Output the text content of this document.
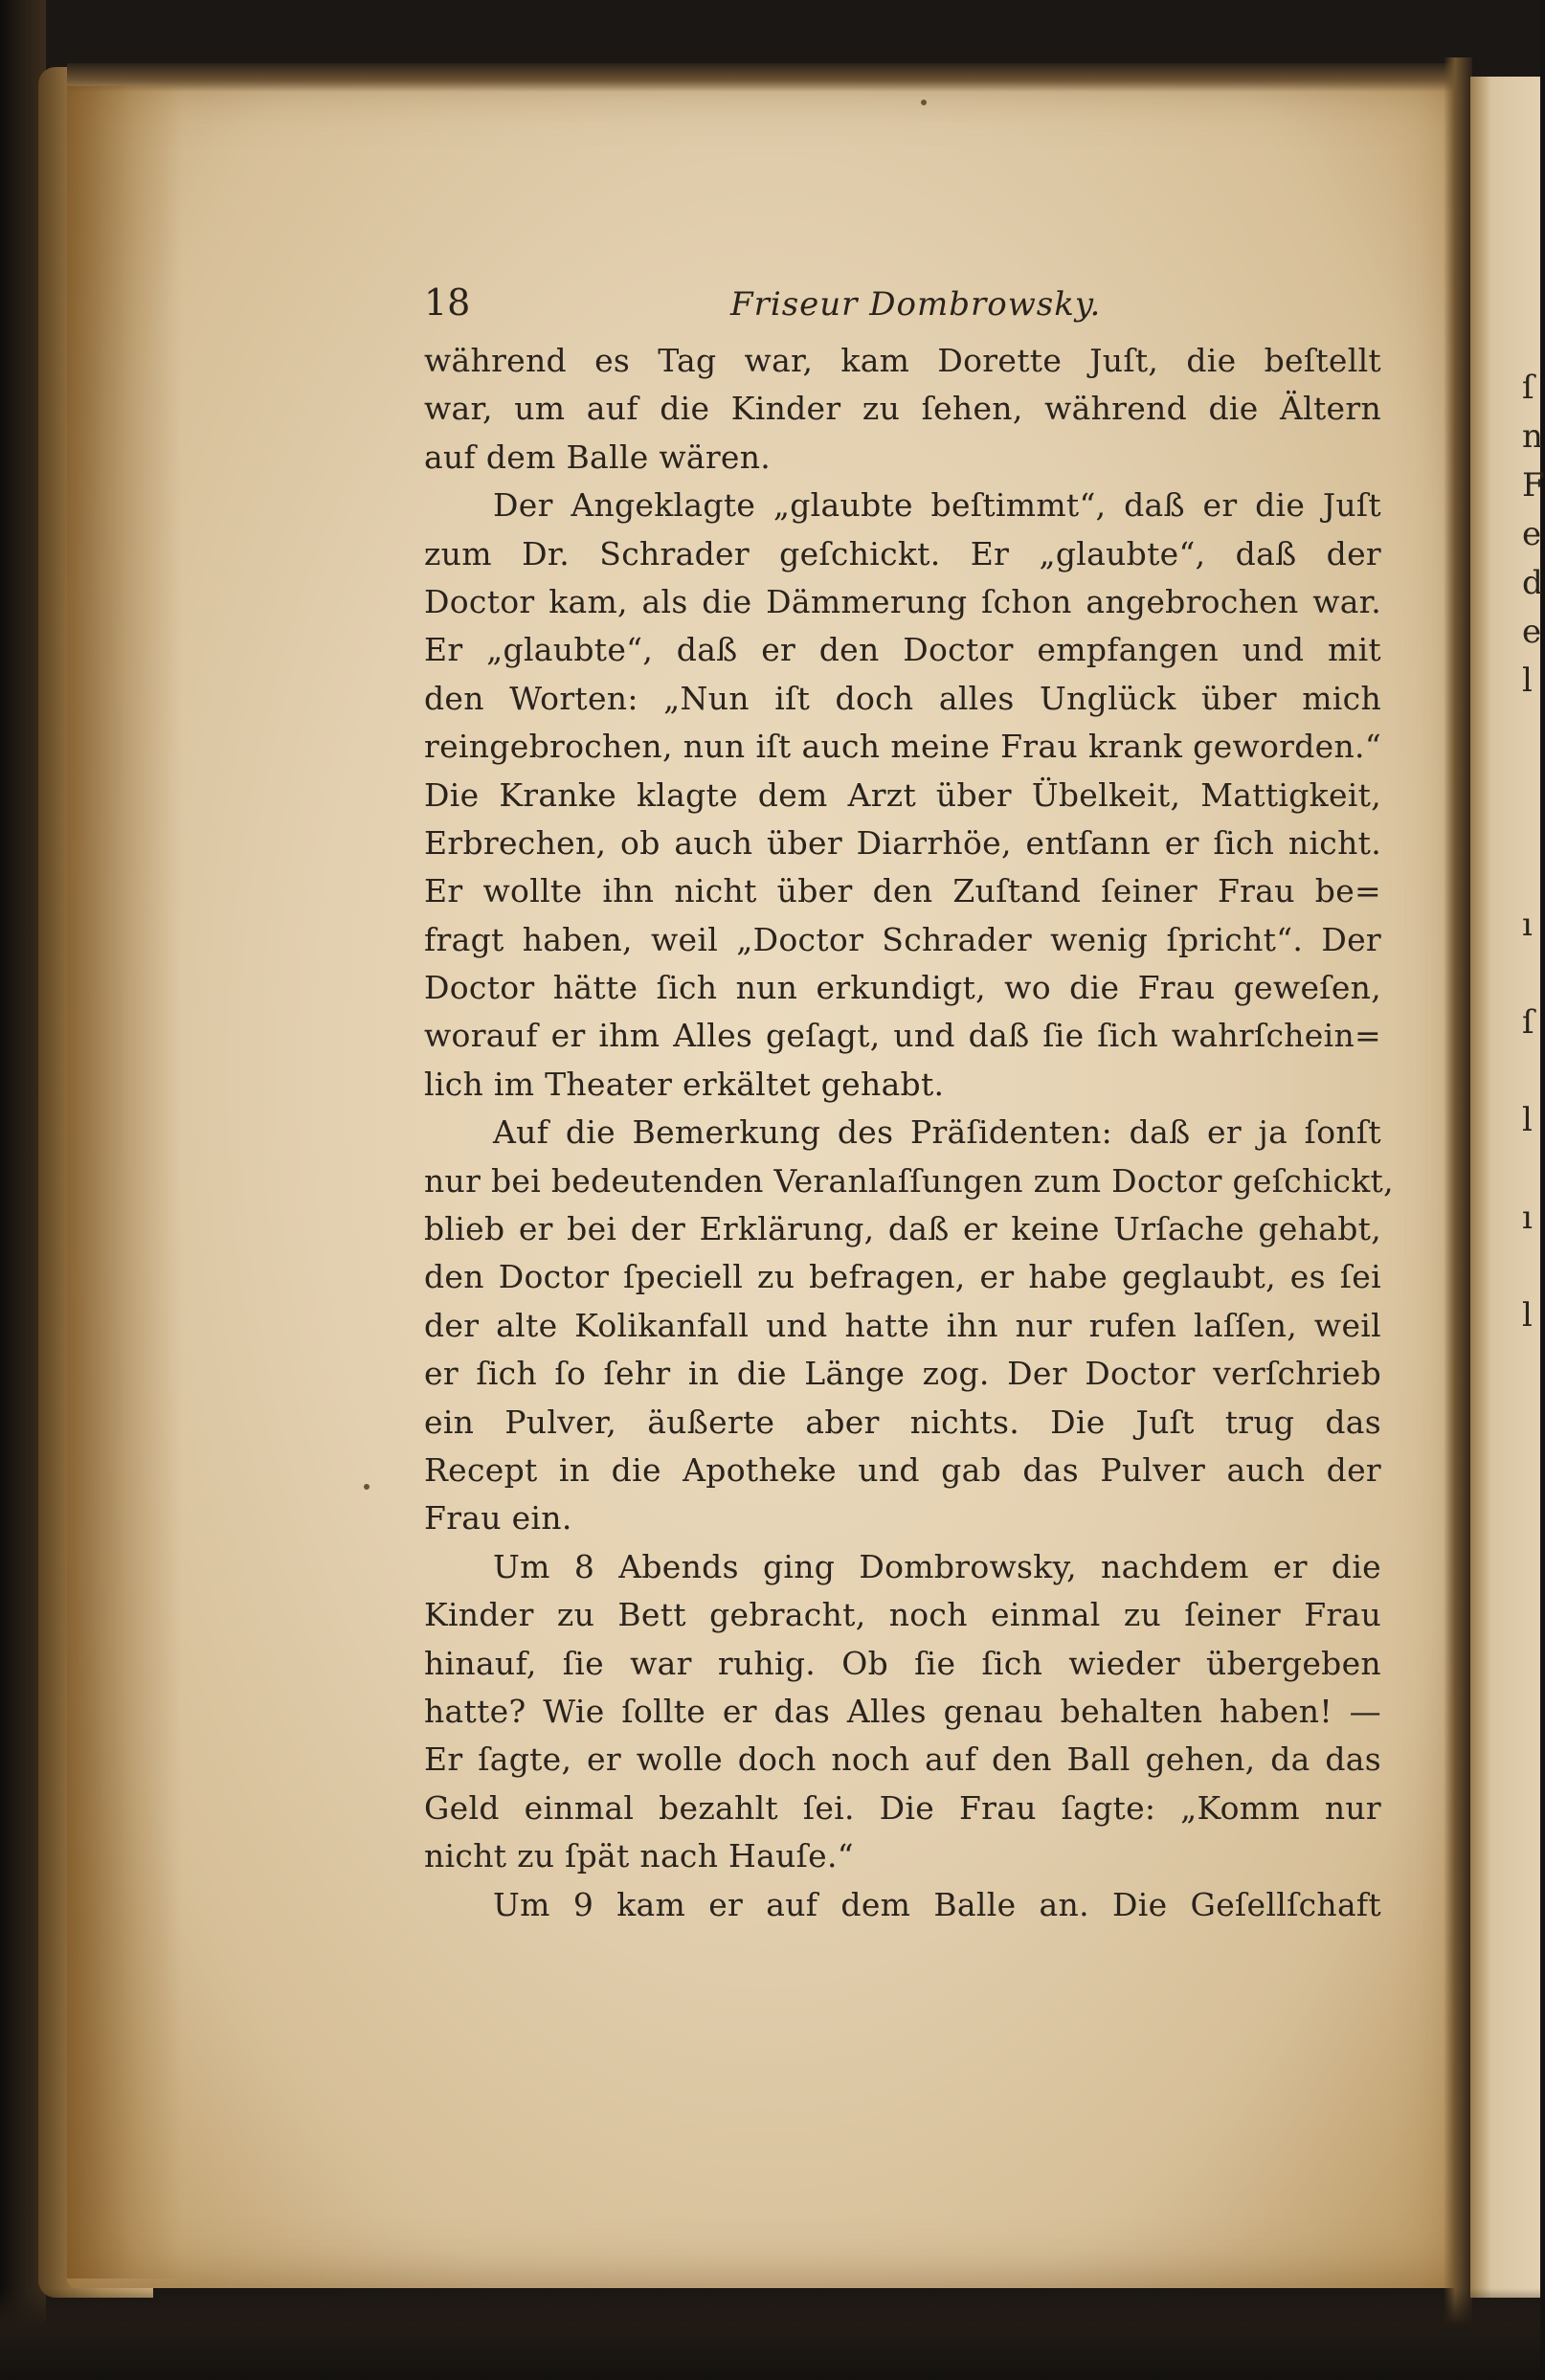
ſ
n
F
e
d
e
l
ı
ſ
l
ı
l
18	Friseur Dombrowsky.
während es Tag war, kam Dorette Juſt, die beſtellt
war, um auf die Kinder zu ſehen, während die Ältern
auf dem Balle wären.
Der Angeklagte „glaubte beſtimmt“, daß er die Juſt
zum Dr. Schrader geſchickt. Er „glaubte“, daß der
Doctor kam, als die Dämmerung ſchon angebrochen war.
Er „glaubte“, daß er den Doctor empfangen und mit
den Worten: „Nun iſt doch alles Unglück über mich
reingebrochen, nun iſt auch meine Frau krank geworden.“
Die Kranke klagte dem Arzt über Übelkeit, Mattigkeit,
Erbrechen, ob auch über Diarrhöe, entſann er ſich nicht.
Er wollte ihn nicht über den Zuſtand ſeiner Frau be=
fragt haben, weil „Doctor Schrader wenig ſpricht“. Der
Doctor hätte ſich nun erkundigt, wo die Frau geweſen,
worauf er ihm Alles geſagt, und daß ſie ſich wahrſchein=
lich im Theater erkältet gehabt.
Auf die Bemerkung des Präſidenten: daß er ja ſonſt
nur bei bedeutenden Veranlaſſungen zum Doctor geſchickt,
blieb er bei der Erklärung, daß er keine Urſache gehabt,
den Doctor ſpeciell zu befragen, er habe geglaubt, es ſei
der alte Kolikanfall und hatte ihn nur rufen laſſen, weil
er ſich ſo ſehr in die Länge zog. Der Doctor verſchrieb
ein Pulver, äußerte aber nichts. Die Juſt trug das
Recept in die Apotheke und gab das Pulver auch der
Frau ein.
Um 8 Abends ging Dombrowsky, nachdem er die
Kinder zu Bett gebracht, noch einmal zu ſeiner Frau
hinauf, ſie war ruhig. Ob ſie ſich wieder übergeben
hatte? Wie ſollte er das Alles genau behalten haben! —
Er ſagte, er wolle doch noch auf den Ball gehen, da das
Geld einmal bezahlt ſei. Die Frau ſagte: „Komm nur
nicht zu ſpät nach Hauſe.“
Um 9 kam er auf dem Balle an. Die Geſellſchaft
